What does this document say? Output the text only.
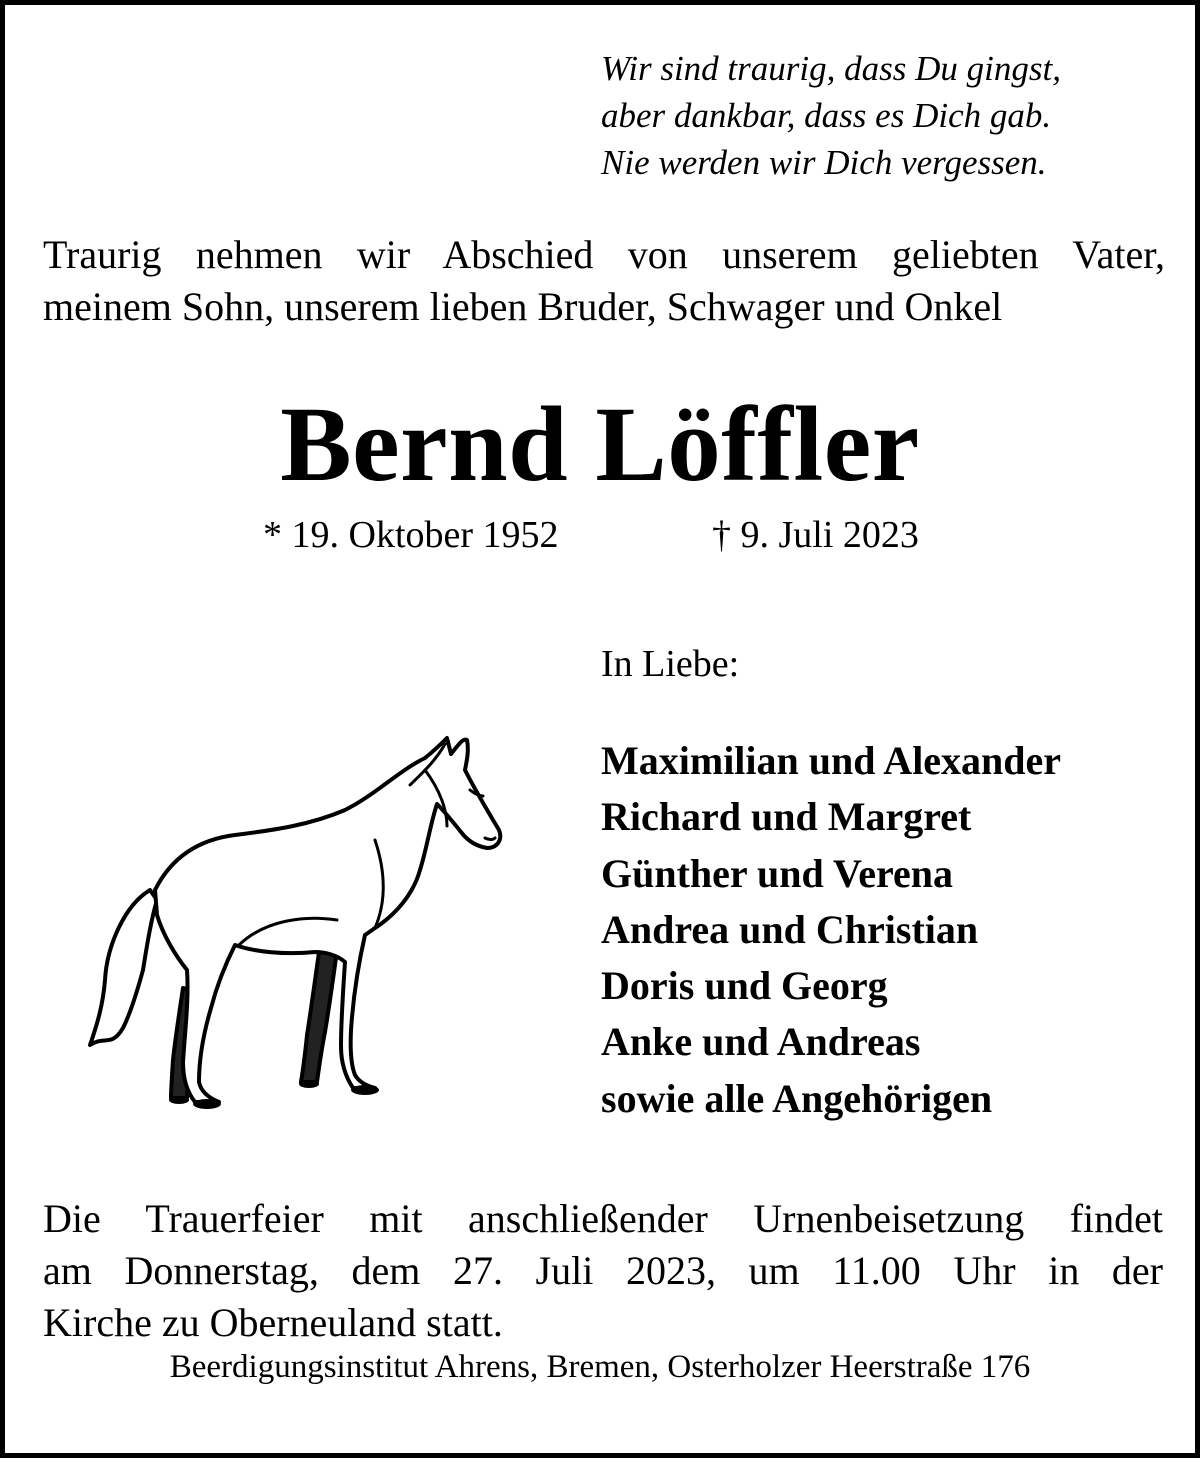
Wir sind traurig, dass Du gingst,
aber dankbar, dass es Dich gab.
Nie werden wir Dich vergessen.
Traurig nehmen wir Abschied von unserem geliebten Vater,
meinem Sohn, unserem lieben Bruder, Schwager und Onkel
Bernd Löffler
* 19. Oktober 1952	† 9. Juli 2023
In Liebe:
Maximilian und Alexander
Richard und Margret
Günther und Verena
Andrea und Christian
Doris und Georg
Anke und Andreas
sowie alle Angehörigen
Die Trauerfeier mit anschließender Urnenbeisetzung findet
am Donnerstag, dem 27. Juli 2023, um 11.00 Uhr in der
Kirche zu Oberneuland statt.
Beerdigungsinstitut Ahrens, Bremen, Osterholzer Heerstraße 176
